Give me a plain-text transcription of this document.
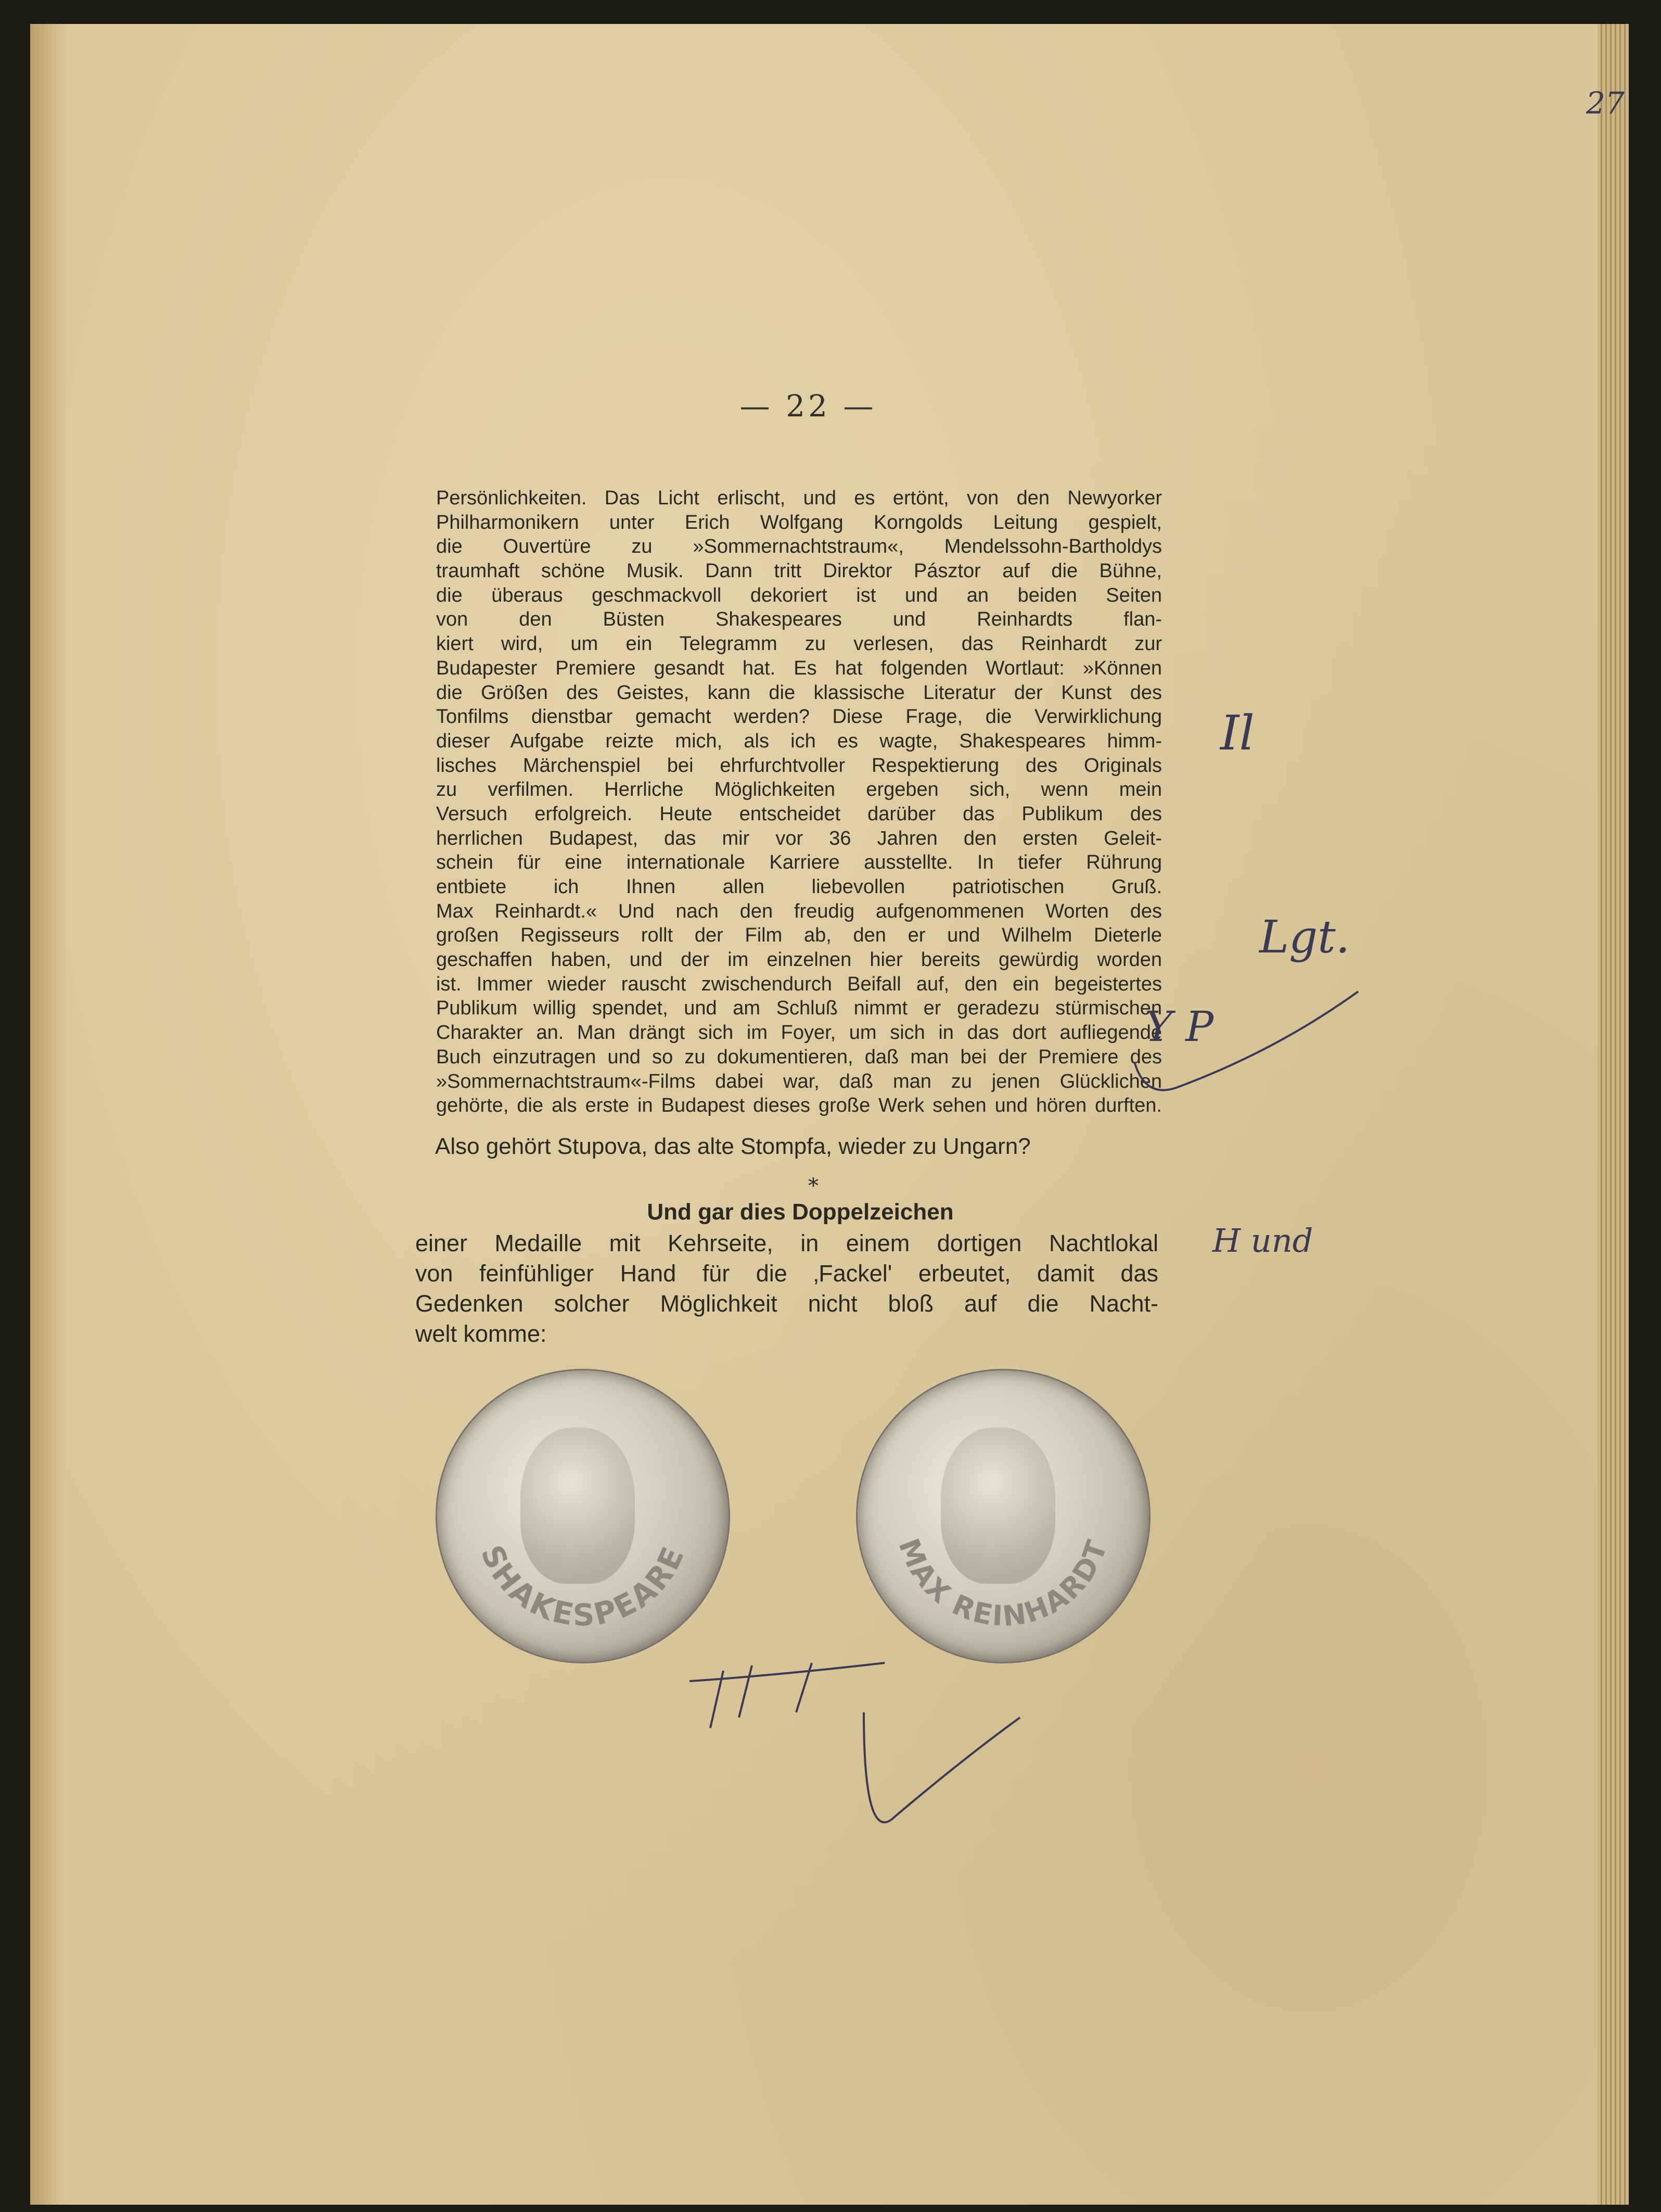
27
— 22 —
Persönlichkeiten. Das Licht erlischt, und es ertönt, von den Newyorker
Philharmonikern unter Erich Wolfgang Korngolds Leitung gespielt,
die Ouvertüre zu »Sommernachtstraum«, Mendelssohn-Bartholdys
traumhaft schöne Musik. Dann tritt Direktor Pásztor auf die Bühne,
die überaus geschmackvoll dekoriert ist und an beiden Seiten
von den Büsten Shakespeares und Reinhardts flan-
kiert wird, um ein Telegramm zu verlesen, das Reinhardt zur
Budapester Premiere gesandt hat. Es hat folgenden Wortlaut: »Können
die Größen des Geistes, kann die klassische Literatur der Kunst des
Tonfilms dienstbar gemacht werden? Diese Frage, die Verwirklichung
dieser Aufgabe reizte mich, als ich es wagte, Shakespeares himm-
lisches Märchenspiel bei ehrfurchtvoller Respektierung des Originals
zu verfilmen. Herrliche Möglichkeiten ergeben sich, wenn mein
Versuch erfolgreich. Heute entscheidet darüber das Publikum des
herrlichen Budapest, das mir vor 36 Jahren den ersten Geleit-
schein für eine internationale Karriere ausstellte. In tiefer Rührung
entbiete ich Ihnen allen liebevollen patriotischen Gruß.
Max Reinhardt.« Und nach den freudig aufgenommenen Worten des
großen Regisseurs rollt der Film ab, den er und Wilhelm Dieterle
geschaffen haben, und der im einzelnen hier bereits gewürdig worden
ist. Immer wieder rauscht zwischendurch Beifall auf, den ein begeistertes
Publikum willig spendet, und am Schluß nimmt er geradezu stürmischen
Charakter an. Man drängt sich im Foyer, um sich in das dort aufliegende
Buch einzutragen und so zu dokumentieren, daß man bei der Premiere des
»Sommernachtstraum«-Films dabei war, daß man zu jenen Glücklichen
gehörte, die als erste in Budapest dieses große Werk sehen und hören durften.
Also gehört Stupova, das alte Stompfa, wieder zu Ungarn?
*
Und gar dies Doppelzeichen
einer Medaille mit Kehrseite, in einem dortigen Nachtlokal
von feinfühliger Hand für die ‚Fackel' erbeutet, damit das
Gedenken solcher Möglichkeit nicht bloß auf die Nacht-
welt komme:
SHAKESPEARE	MAX REINHARDT
Il
Lgt.
Y P
H und
